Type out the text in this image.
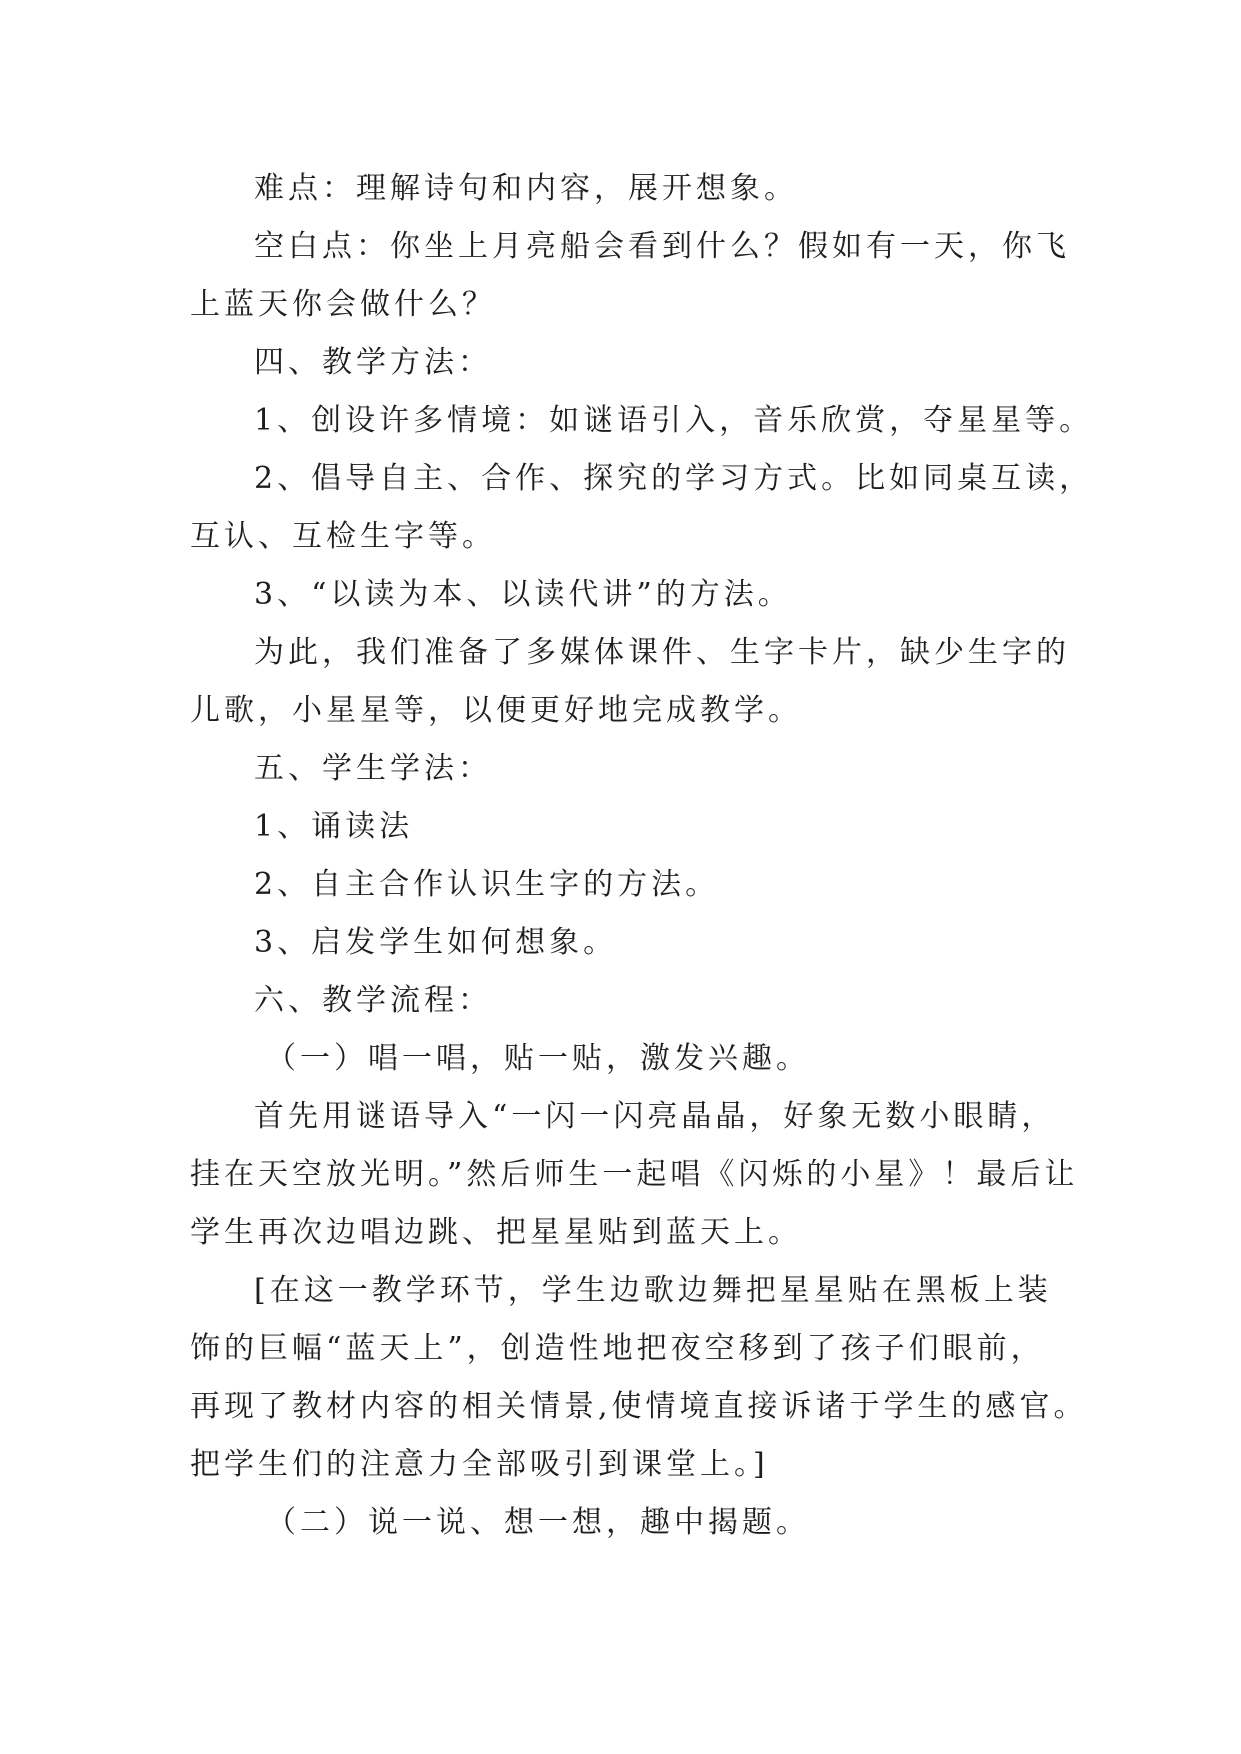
难点：理解诗句和内容，展开想象。

空白点：你坐上月亮船会看到什么？假如有一天，你飞

上蓝天你会做什么？

四、教学方法：

1、创设许多情境：如谜语引入，音乐欣赏，夺星星等。

2、倡导自主、合作、探究的学习方式。比如同桌互读，

互认、互检生字等。

3、“以读为本、以读代讲”的方法。

为此，我们准备了多媒体课件、生字卡片，缺少生字的

儿歌，小星星等，以便更好地完成教学。

五、学生学法：

1、诵读法

2、自主合作认识生字的方法。

3、启发学生如何想象。

六、教学流程：

（一）唱一唱，贴一贴，激发兴趣。

首先用谜语导入“一闪一闪亮晶晶，好象无数小眼睛，

挂在天空放光明。”然后师生一起唱《闪烁的小星》！最后让

学生再次边唱边跳、把星星贴到蓝天上。

[在这一教学环节，学生边歌边舞把星星贴在黑板上装

饰的巨幅“蓝天上”，创造性地把夜空移到了孩子们眼前，

再现了教材内容的相关情景,使情境直接诉诸于学生的感官。

把学生们的注意力全部吸引到课堂上。]

（二）说一说、想一想，趣中揭题。
